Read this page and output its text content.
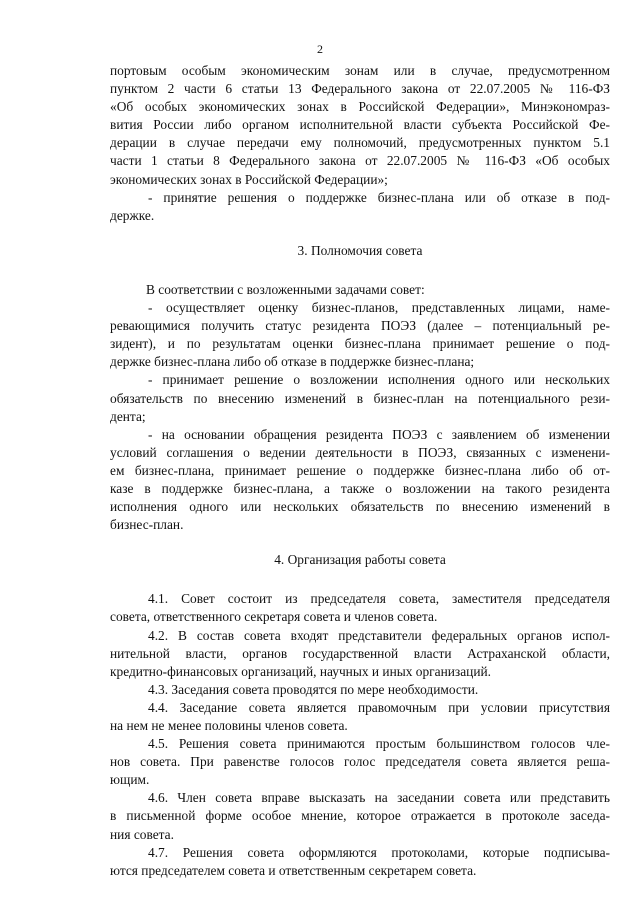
2
портовым особым экономическим зонам или в случае, предусмотренном
пунктом 2 части 6 статьи 13 Федерального закона от 22.07.2005 № 116-ФЗ
«Об особых экономических зонах в Российской Федерации», Минэкономраз-
вития России либо органом исполнительной власти субъекта Российской Фе-
дерации в случае передачи ему полномочий, предусмотренных пунктом 5.1
части 1 статьи 8 Федерального закона от 22.07.2005 № 116-ФЗ «Об особых
экономических зонах в Российской Федерации»;
- принятие решения о поддержке бизнес-плана или об отказе в под-
держке.
3. Полномочия совета
В соответствии с возложенными задачами совет:
- осуществляет оценку бизнес-планов, представленных лицами, наме-
ревающимися получить статус резидента ПОЭЗ (далее – потенциальный ре-
зидент), и по результатам оценки бизнес-плана принимает решение о под-
держке бизнес-плана либо об отказе в поддержке бизнес-плана;
- принимает решение о возложении исполнения одного или нескольких
обязательств по внесению изменений в бизнес-план на потенциального рези-
дента;
- на основании обращения резидента ПОЭЗ с заявлением об изменении
условий соглашения о ведении деятельности в ПОЭЗ, связанных с изменени-
ем бизнес-плана, принимает решение о поддержке бизнес-плана либо об от-
казе в поддержке бизнес-плана, а также о возложении на такого резидента
исполнения одного или нескольких обязательств по внесению изменений в
бизнес-план.
4. Организация работы совета
4.1. Совет состоит из председателя совета, заместителя председателя
совета, ответственного секретаря совета и членов совета.
4.2. В состав совета входят представители федеральных органов испол-
нительной власти, органов государственной власти Астраханской области,
кредитно-финансовых организаций, научных и иных организаций.
4.3. Заседания совета проводятся по мере необходимости.
4.4. Заседание совета является правомочным при условии присутствия
на нем не менее половины членов совета.
4.5. Решения совета принимаются простым большинством голосов чле-
нов совета. При равенстве голосов голос председателя совета является реша-
ющим.
4.6. Член совета вправе высказать на заседании совета или представить
в письменной форме особое мнение, которое отражается в протоколе заседа-
ния совета.
4.7. Решения совета оформляются протоколами, которые подписыва-
ются председателем совета и ответственным секретарем совета.
